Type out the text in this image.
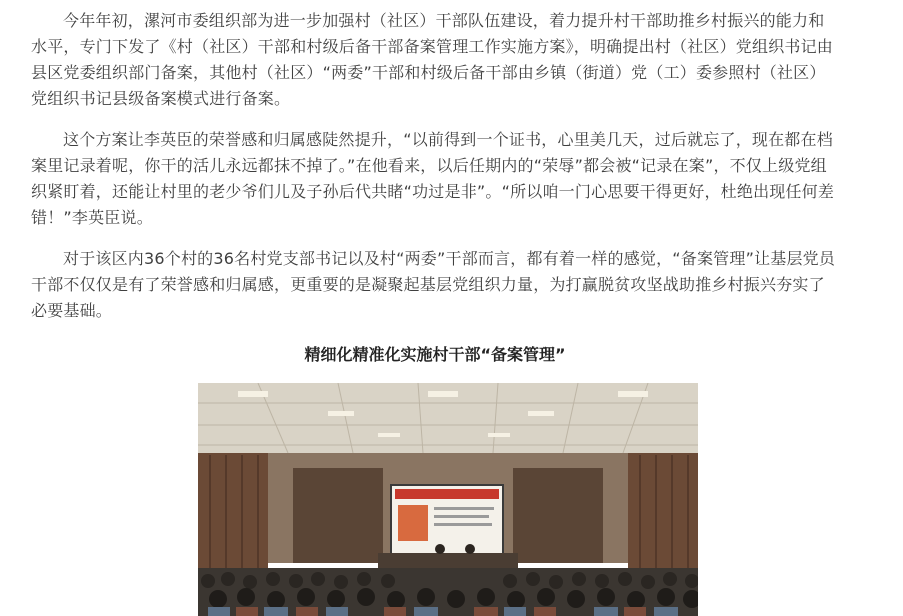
今年年初，漯河市委组织部为进一步加强村（社区）干部队伍建设，着力提升村干部助推乡村振兴的能力和水平，专门下发了《村（社区）干部和村级后备干部备案管理工作实施方案》，明确提出村（社区）党组织书记由县区党委组织部门备案，其他村（社区）“两委”干部和村级后备干部由乡镇（街道）党（工）委参照村（社区）党组织书记县级备案模式进行备案。

这个方案让李英臣的荣誉感和归属感陡然提升，“以前得到一个证书，心里美几天，过后就忘了，现在都在档案里记录着呢，你干的活儿永远都抹不掉了。”在他看来，以后任期内的“荣辱”都会被“记录在案”，不仅上级党组织紧盯着，还能让村里的老少爷们儿及子孙后代共睹“功过是非”。“所以咱一门心思要干得更好，杜绝出现任何差错！”李英臣说。

对于该区内36个村的36名村党支部书记以及村“两委”干部而言，都有着一样的感觉，“备案管理”让基层党员干部不仅仅是有了荣誉感和归属感，更重要的是凝聚起基层党组织力量，为打赢脱贫攻坚战助推乡村振兴夯实了必要基础。

精细化精准化实施村干部“备案管理”
